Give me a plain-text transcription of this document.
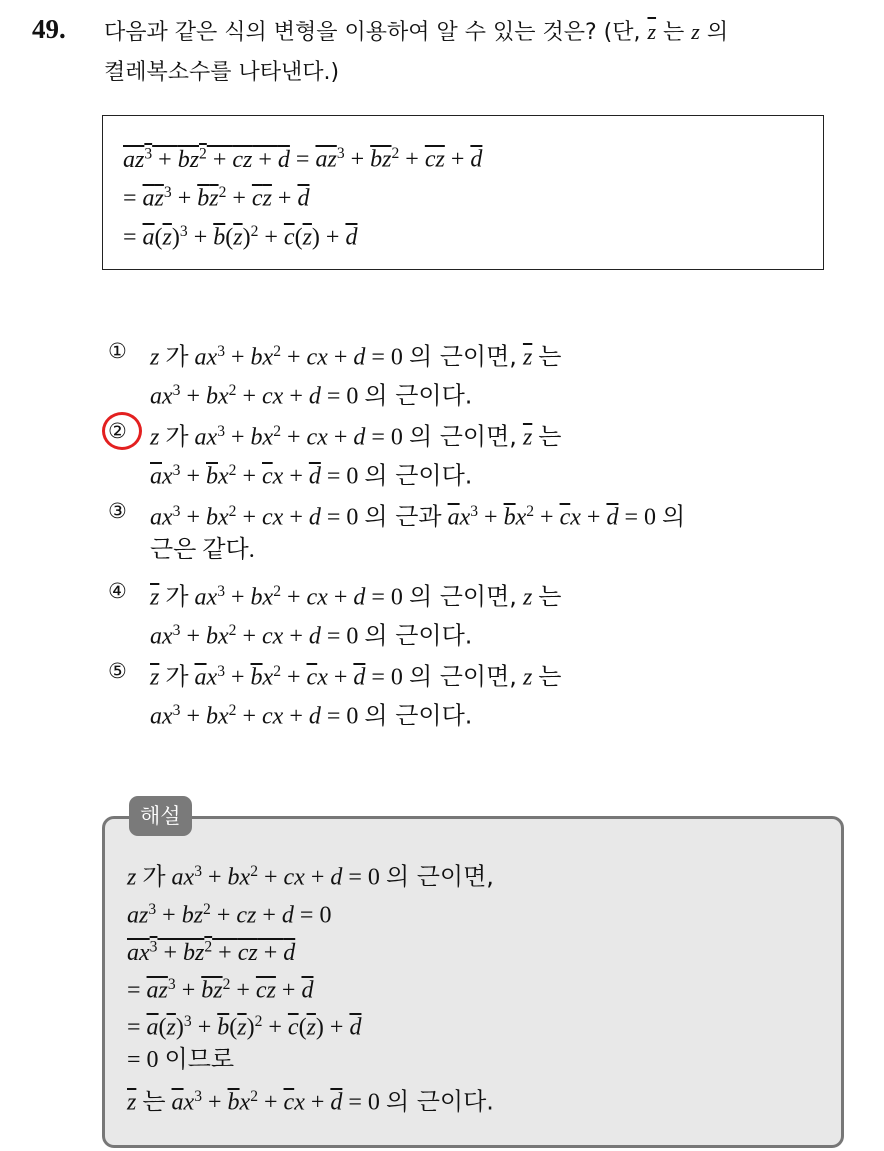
49. 다음과 같은 식의 변형을 이용하여 알 수 있는 것은? (단, $\overline{z}$ 는 z 의
켤레복소수를 나타낸다.)
$az^3 + bz^2$ + cz + $d = \overline{az}^3 + \overline{bz}^2 + \overline{cz} + \overline{d}$
= $\overline{a}\overline{z}^3 + \overline{b}\overline{z}^2 + \overline{c}\overline{z} + \overline{d}$
= $\overline{a}(\overline{z})^3 + \overline{b}(\overline{z})^2 + \overline{c}(\overline{z}) + \overline{d}$
① z 가 $ax^3 + bx^2$ + cx + d = 0 의 근이면, $\overline{z}$ 는
$ax^3 + bx^2$ + cx + d = 0 의 근이다.
② z 가 $ax^3 + bx^2$ + cx + d = 0 의 근이면, $\overline{z}$ 는
$\overline{a}x^3 + \overline{b}x^2 + \overline{c}x + \overline{d} = 0$ 의 근이다.
③ $ax^3 + bx^2$ + cx + d = 0 의 근과 $\overline{a}x^3 + \overline{b}x^2 + \overline{c}x + \overline{d} = 0$ 의
근은 같다.
④ $\overline{z}$ 가 $ax^3 + bx^2$ + cx + d = 0 의 근이면, z 는
$ax^3 + bx^2$ + cx + d = 0 의 근이다.
⑤ $\overline{z}$ 가 $\overline{a}x^3 + \overline{b}x^2 + \overline{c}x + \overline{d} = 0$ 의 근이면, z 는
$ax^3 + bx^2$ + cx + d = 0 의 근이다.
해설
z 가 $ax^3 + bx^2$ + cx + d = 0 의 근이면,
$az^3 + bz^2$ + cz + d = 0
$ax^3 + bz^2$ + cz + d
= $\overline{az}^3 + \overline{bz}^2 + \overline{cz} + \overline{d}$
= $\overline{a}(\overline{z})^3 + \overline{b}(\overline{z})^2 + \overline{c}(\overline{z}) + \overline{d}$
= 0 이므로
$\overline{z}$ 는 $\overline{a}x^3 + \overline{b}x^2 + \overline{c}x + \overline{d} = 0$ 의 근이다.
